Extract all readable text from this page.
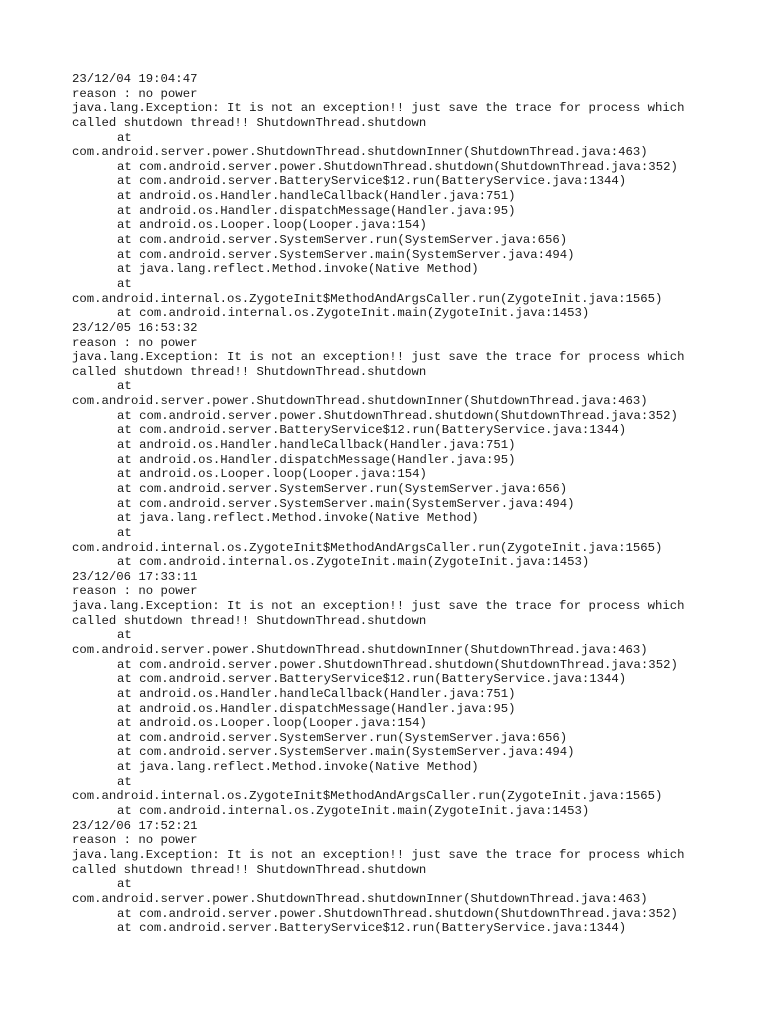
23/12/04 19:04:47
reason : no power
java.lang.Exception: It is not an exception!! just save the trace for process which
called shutdown thread!! ShutdownThread.shutdown
at
com.android.server.power.ShutdownThread.shutdownInner(ShutdownThread.java:463)
at com.android.server.power.ShutdownThread.shutdown(ShutdownThread.java:352)
at com.android.server.BatteryService$12.run(BatteryService.java:1344)
at android.os.Handler.handleCallback(Handler.java:751)
at android.os.Handler.dispatchMessage(Handler.java:95)
at android.os.Looper.loop(Looper.java:154)
at com.android.server.SystemServer.run(SystemServer.java:656)
at com.android.server.SystemServer.main(SystemServer.java:494)
at java.lang.reflect.Method.invoke(Native Method)
at
com.android.internal.os.ZygoteInit$MethodAndArgsCaller.run(ZygoteInit.java:1565)
at com.android.internal.os.ZygoteInit.main(ZygoteInit.java:1453)
23/12/05 16:53:32
reason : no power
java.lang.Exception: It is not an exception!! just save the trace for process which
called shutdown thread!! ShutdownThread.shutdown
at
com.android.server.power.ShutdownThread.shutdownInner(ShutdownThread.java:463)
at com.android.server.power.ShutdownThread.shutdown(ShutdownThread.java:352)
at com.android.server.BatteryService$12.run(BatteryService.java:1344)
at android.os.Handler.handleCallback(Handler.java:751)
at android.os.Handler.dispatchMessage(Handler.java:95)
at android.os.Looper.loop(Looper.java:154)
at com.android.server.SystemServer.run(SystemServer.java:656)
at com.android.server.SystemServer.main(SystemServer.java:494)
at java.lang.reflect.Method.invoke(Native Method)
at
com.android.internal.os.ZygoteInit$MethodAndArgsCaller.run(ZygoteInit.java:1565)
at com.android.internal.os.ZygoteInit.main(ZygoteInit.java:1453)
23/12/06 17:33:11
reason : no power
java.lang.Exception: It is not an exception!! just save the trace for process which
called shutdown thread!! ShutdownThread.shutdown
at
com.android.server.power.ShutdownThread.shutdownInner(ShutdownThread.java:463)
at com.android.server.power.ShutdownThread.shutdown(ShutdownThread.java:352)
at com.android.server.BatteryService$12.run(BatteryService.java:1344)
at android.os.Handler.handleCallback(Handler.java:751)
at android.os.Handler.dispatchMessage(Handler.java:95)
at android.os.Looper.loop(Looper.java:154)
at com.android.server.SystemServer.run(SystemServer.java:656)
at com.android.server.SystemServer.main(SystemServer.java:494)
at java.lang.reflect.Method.invoke(Native Method)
at
com.android.internal.os.ZygoteInit$MethodAndArgsCaller.run(ZygoteInit.java:1565)
at com.android.internal.os.ZygoteInit.main(ZygoteInit.java:1453)
23/12/06 17:52:21
reason : no power
java.lang.Exception: It is not an exception!! just save the trace for process which
called shutdown thread!! ShutdownThread.shutdown
at
com.android.server.power.ShutdownThread.shutdownInner(ShutdownThread.java:463)
at com.android.server.power.ShutdownThread.shutdown(ShutdownThread.java:352)
at com.android.server.BatteryService$12.run(BatteryService.java:1344)
